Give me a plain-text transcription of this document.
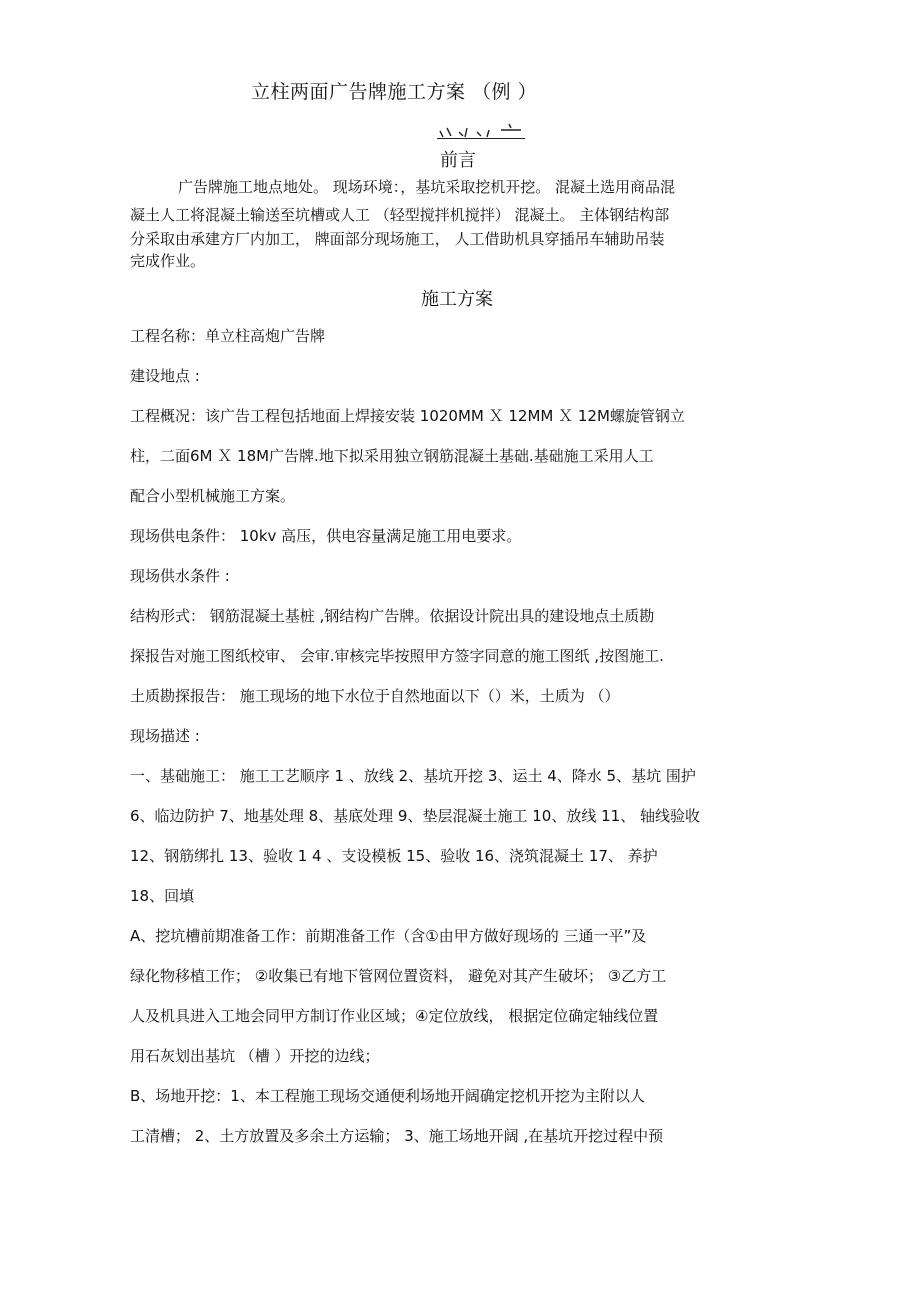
立柱两面广告牌施工方案 （例 ）
前言
广告牌施工地点地处。 现场环境：，基坑采取挖机开挖。 混凝土选用商品混
凝土人工将混凝土输送至坑槽或人工 （轻型搅拌机搅拌） 混凝土。 主体钢结构部
分采取由承建方厂内加工， 牌面部分现场施工， 人工借助机具穿插吊车辅助吊装
完成作业。
施工方案
工程名称：单立柱高炮广告牌
建设地点 :
工程概况：该广告工程包括地面上焊接安装 1020MM Ｘ 12MM Ｘ 12M螺旋管钢立
柱，二面6M Ｘ 18M广告牌.地下拟采用独立钢筋混凝土基础.基础施工采用人工
配合小型机械施工方案。
现场供电条件： 10kv 高压，供电容量满足施工用电要求。
现场供水条件 :
结构形式： 钢筋混凝土基桩 ,钢结构广告牌。依据设计院出具的建设地点土质勘
探报告对施工图纸校审、 会审.审核完毕按照甲方签字同意的施工图纸 ,按图施工.
土质勘探报告： 施工现场的地下水位于自然地面以下（）米，土质为 （）
现场描述 :
一、基础施工： 施工工艺顺序 1 、放线 2、基坑开挖 3、运土 4、降水 5、基坑 围护
6、临边防护 7、地基处理 8、基底处理 9、垫层混凝土施工 10、放线 11、 轴线验收
12、钢筋绑扎 13、验收 1 4 、支设模板 15、验收 16、浇筑混凝土 17、 养护
18、回填
A、挖坑槽前期准备工作：前期准备工作（含①由甲方做好现场的 三通一平”及
绿化物移植工作； ②收集已有地下管网位置资料， 避免对其产生破坏； ③乙方工
人及机具进入工地会同甲方制订作业区域；④定位放线， 根据定位确定轴线位置
用石灰划出基坑 （槽 ）开挖的边线；
B、场地开挖：1、本工程施工现场交通便利场地开阔确定挖机开挖为主附以人
工清槽； 2、土方放置及多余土方运输； 3、施工场地开阔 ,在基坑开挖过程中预
